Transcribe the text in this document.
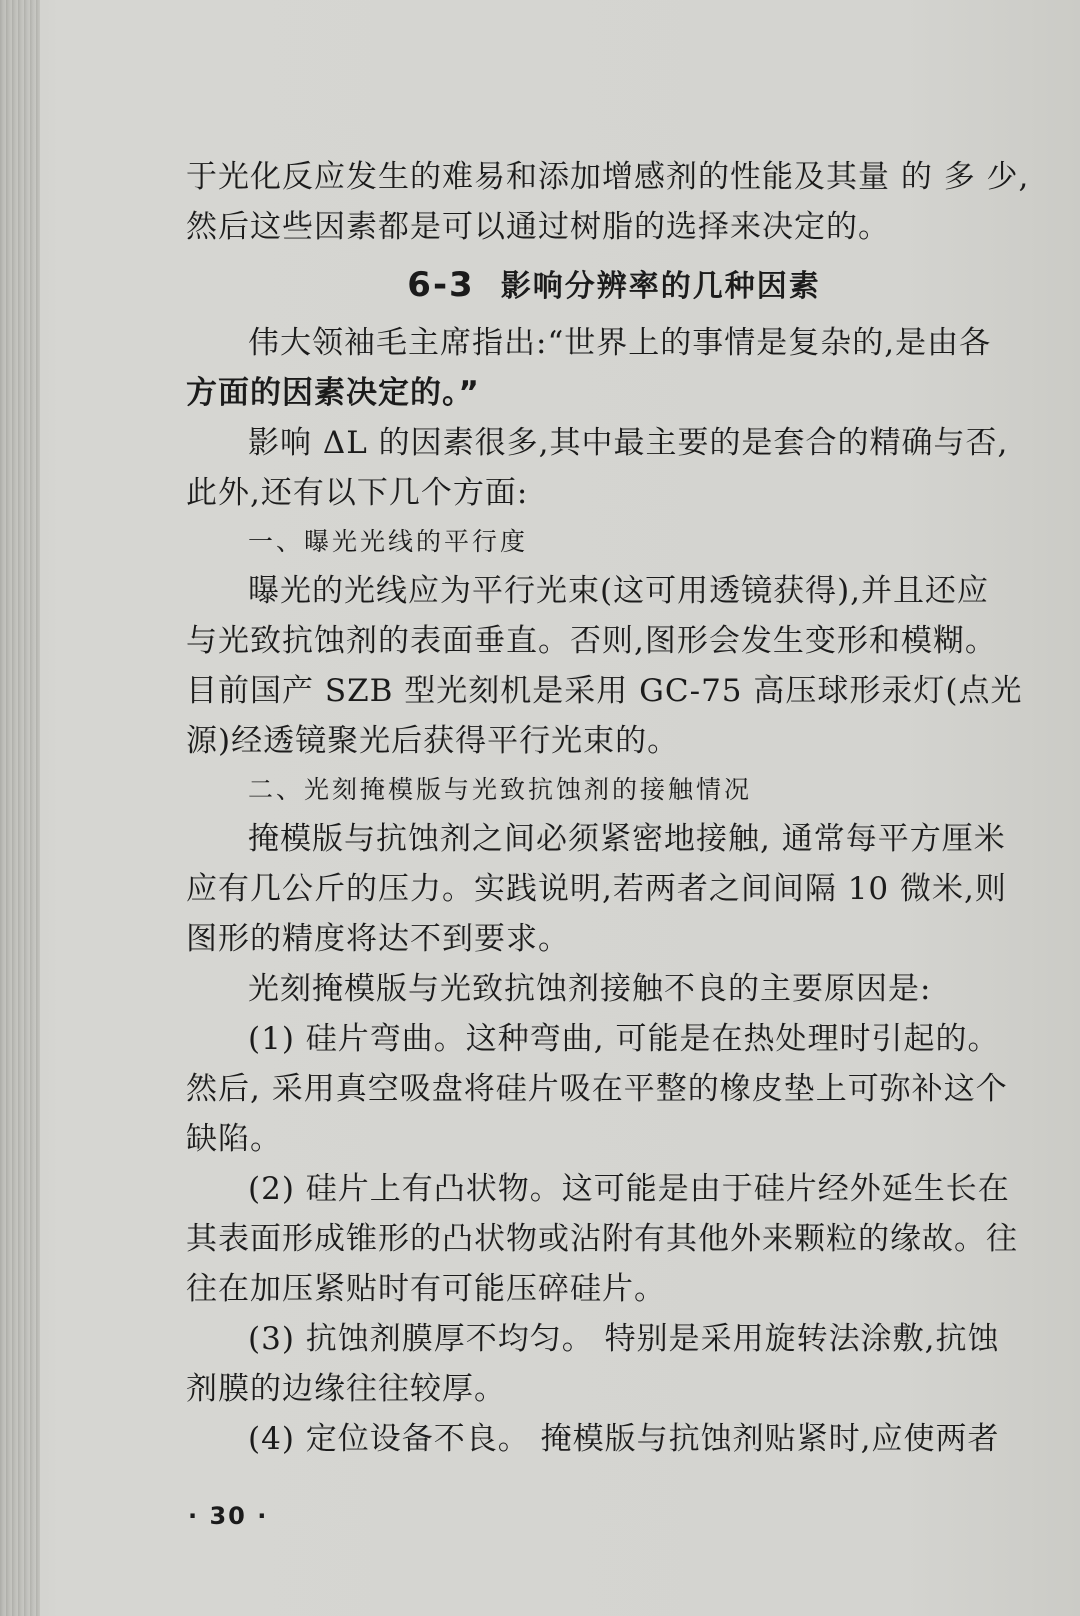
于光化反应发生的难易和添加增感剂的性能及其量 的 多 少,
然后这些因素都是可以通过树脂的选择来决定的。
6-3 影响分辨率的几种因素
伟大领袖毛主席指出:“世界上的事情是复杂的,是由各
方面的因素决定的。”
影响 ΔL 的因素很多,其中最主要的是套合的精确与否,
此外,还有以下几个方面:
一、曝光光线的平行度
曝光的光线应为平行光束(这可用透镜获得),并且还应
与光致抗蚀剂的表面垂直。否则,图形会发生变形和模糊。
目前国产 SZB 型光刻机是采用 GC-75 高压球形汞灯(点光
源)经透镜聚光后获得平行光束的。
二、光刻掩模版与光致抗蚀剂的接触情况
掩模版与抗蚀剂之间必须紧密地接触, 通常每平方厘米
应有几公斤的压力。实践说明,若两者之间间隔 10 微米,则
图形的精度将达不到要求。
光刻掩模版与光致抗蚀剂接触不良的主要原因是:
(1) 硅片弯曲。这种弯曲, 可能是在热处理时引起的。
然后, 采用真空吸盘将硅片吸在平整的橡皮垫上可弥补这个
缺陷。
(2) 硅片上有凸状物。这可能是由于硅片经外延生长在
其表面形成锥形的凸状物或沾附有其他外来颗粒的缘故。往
往在加压紧贴时有可能压碎硅片。
(3) 抗蚀剂膜厚不均匀。 特别是采用旋转法涂敷,抗蚀
剂膜的边缘往往较厚。
(4) 定位设备不良。 掩模版与抗蚀剂贴紧时,应使两者
· 30 ·
